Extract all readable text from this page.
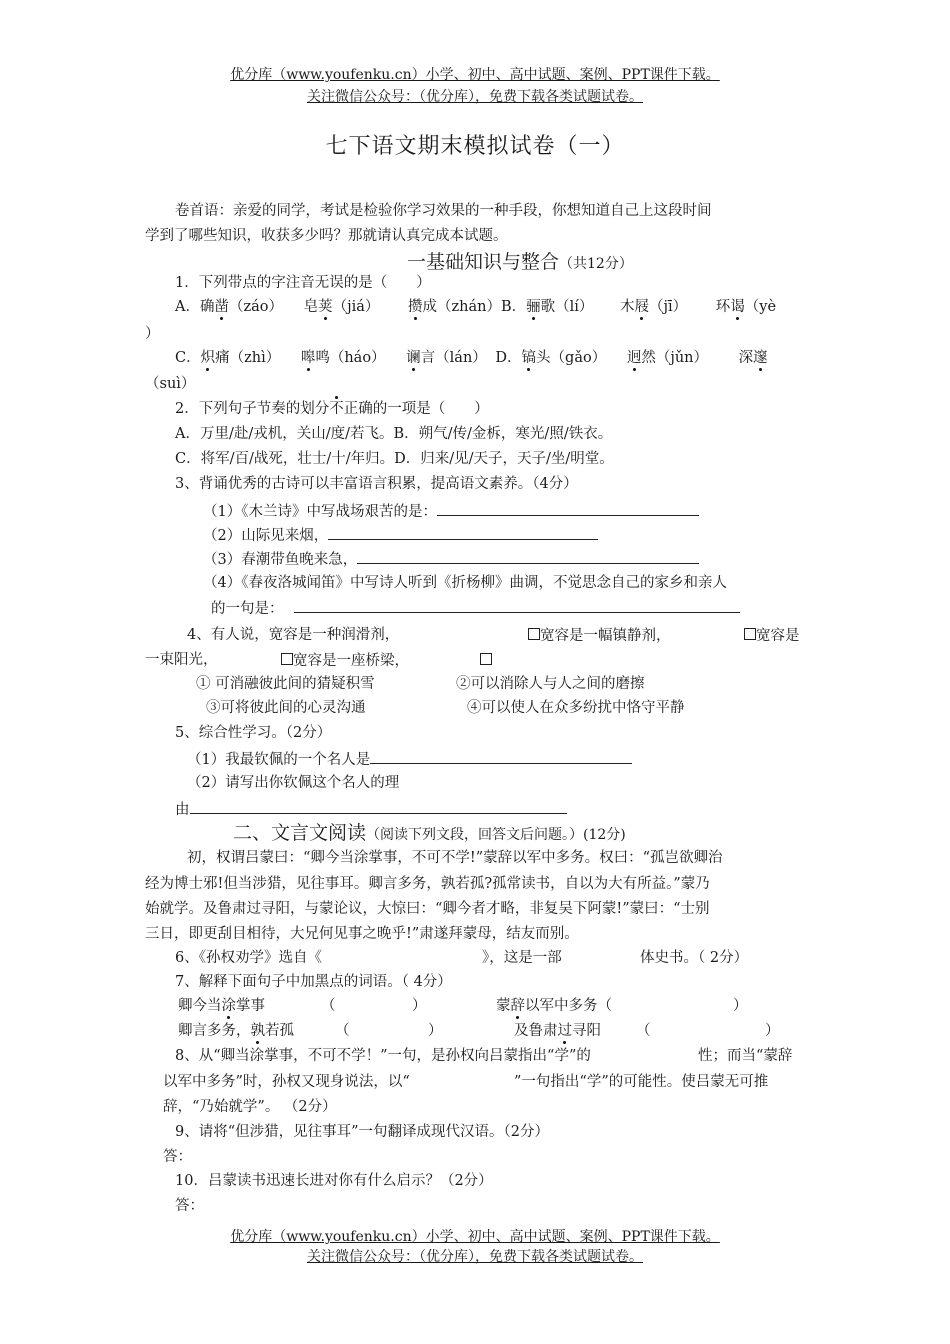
优分库（www.youfenku.cn）小学、初中、高中试题、案例、PPT课件下载。
关注微信公众号：（优分库），免费下载各类试题试卷。
七下语文期末模拟试卷（一）
卷首语：亲爱的同学，考试是检验你学习效果的一种手段，你想知道自己上这段时间
学到了哪些知识，收获多少吗？那就请认真完成本试题。
一基础知识与整合（共12分）
1．下列带点的字注音无误的是（　　）
A．确凿（záo） 皂荚（jiá） 攒成（zhán）B．骊歌（lí） 木屐（jī） 环谒（yè
）
C．炽痛（zhì） 嗥鸣（háo） 谰言（lán） D．镐头（gǎo） 迥然（jǔn） 深邃
（suì）
2．下列句子节奏的划分不正确的一项是（　　）
A．万里/赴/戎机，关山/度/若飞。B．朔气/传/金柝，寒光/照/铁衣。
C．将军/百/战死，壮士/十/年归。D．归来/见/天子，天子/坐/明堂。
3、背诵优秀的古诗可以丰富语言积累，提高语文素养。（4分）
（1）《木兰诗》中写战场艰苦的是：
（2）山际见来烟，
（3）春潮带鱼晚来急，
（4）《春夜洛城闻笛》中写诗人听到《折杨柳》曲调，不觉思念自己的家乡和亲人
的一句是：
4、有人说，宽容是一种润滑剂，	宽容是一幅镇静剂，	宽容是
一束阳光，	宽容是一座桥梁，
① 可消融彼此间的猜疑积雪	②可以消除人与人之间的磨擦
③可将彼此间的心灵沟通	④可以使人在众多纷扰中恪守平静
5、综合性学习。（2分）
（1）我最钦佩的一个名人是
（2）请写出你钦佩这个名人的理
由
二、文言文阅读（阅读下列文段，回答文后问题。）(12分)
初，权谓吕蒙曰：“卿今当涂掌事，不可不学!”蒙辞以军中多务。权曰：“孤岂欲卿治
经为博士邪!但当涉猎，见往事耳。卿言多务，孰若孤?孤常读书，自以为大有所益。”蒙乃
始就学。及鲁肃过寻阳，与蒙论议，大惊曰：“卿今者才略，非复吴下阿蒙!”蒙曰：“士别
三日，即更刮目相待，大兄何见事之晚乎!”肃遂拜蒙母，结友而别。
6、《孙权劝学》选自《	》，这是一部	体史书。（ 2分）
7、解释下面句子中加黑点的词语。（ 4分）
卿今当涂掌事	（	）	蒙辞以军中多务（	）
卿言多务，孰若孤	（	）	及鲁肃过寻阳 （	）
8、从“卿当涂掌事，不可不学！”一句，是孙权向吕蒙指出“学”的	性；而当“蒙辞
以军中多务”时，孙权又现身说法，以“	”一句指出“学”的可能性。使吕蒙无可推
辞，“乃始就学”。 （2分）
9、请将“但涉猎，见往事耳”一句翻译成现代汉语。（2分）
答：
10．吕蒙读书迅速长进对你有什么启示？（2分）
答：
优分库（www.youfenku.cn）小学、初中、高中试题、案例、PPT课件下载。
关注微信公众号：（优分库），免费下载各类试题试卷。
